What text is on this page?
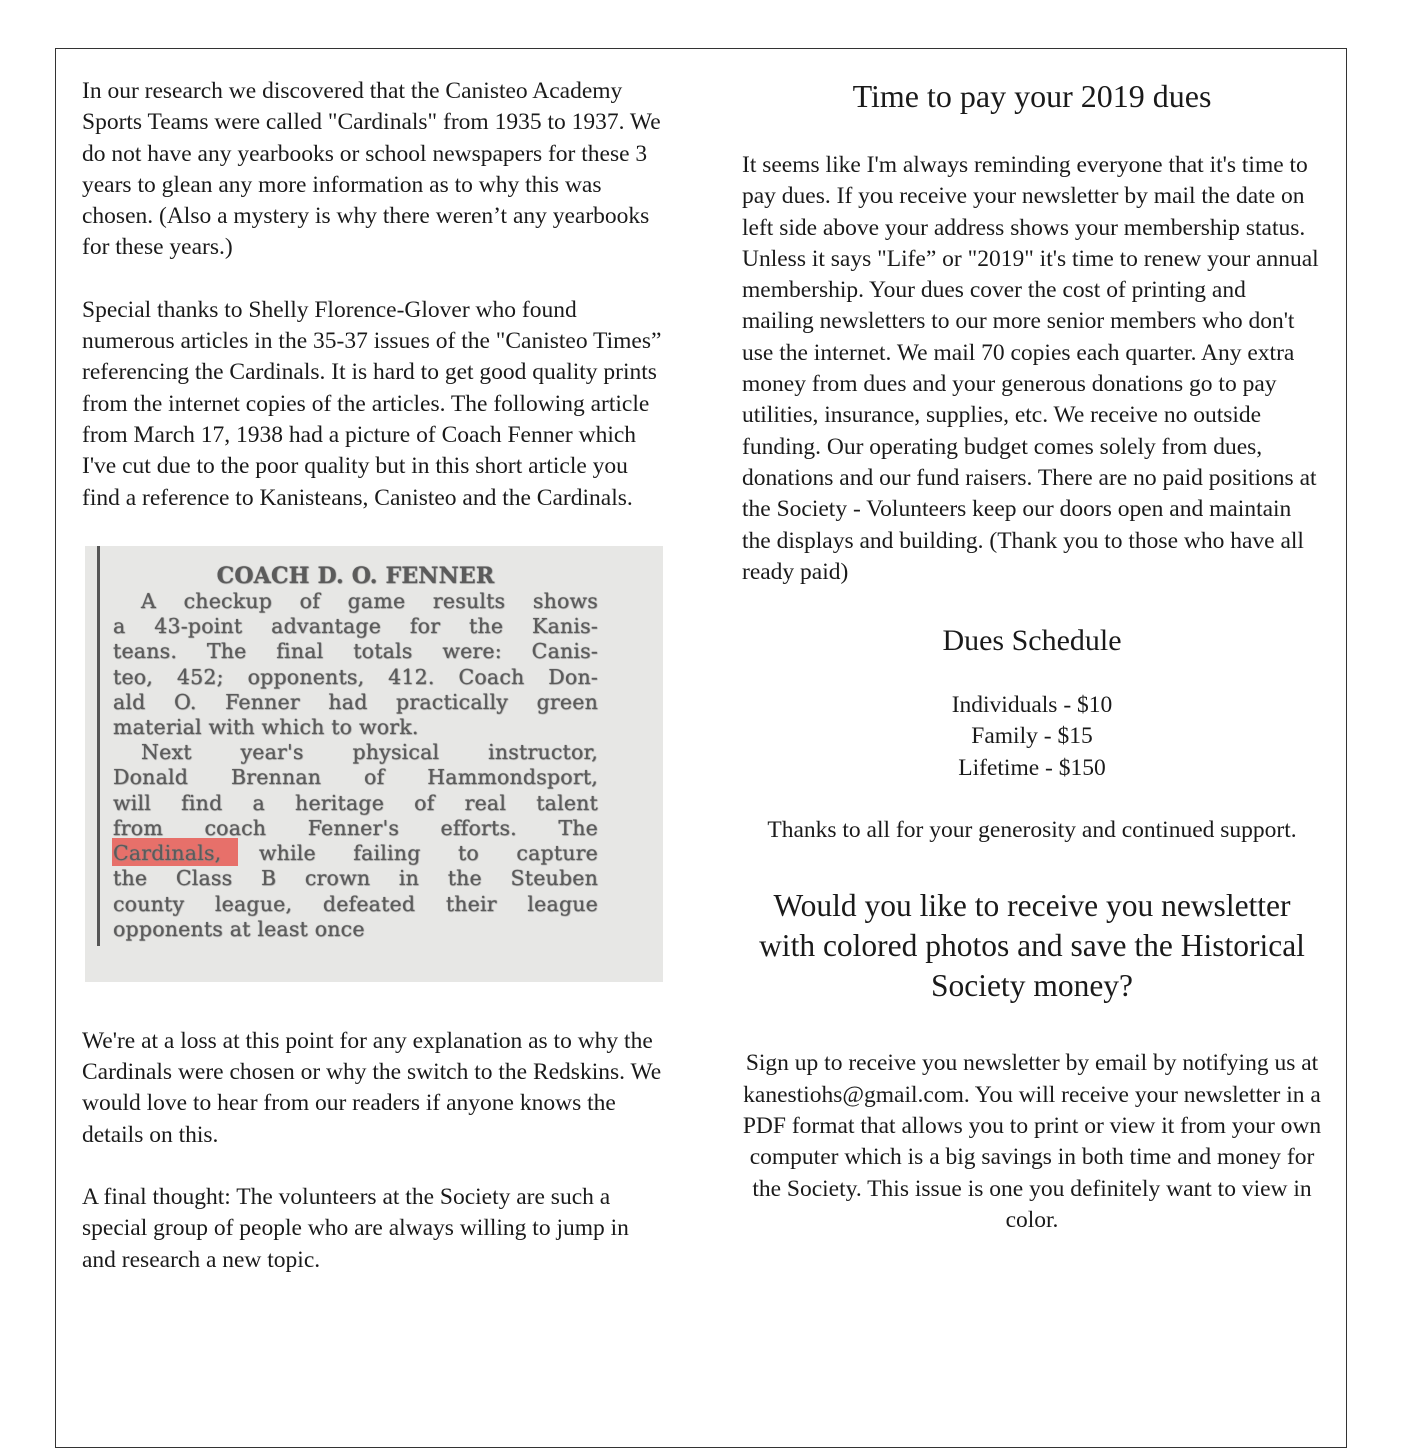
In our research we discovered that the Canisteo Academy Sports Teams were called "Cardinals" from 1935 to 1937. We do not have any yearbooks or school newspapers for these 3 years to glean any more information as to why this was chosen. (Also a mystery is why there weren’t any yearbooks for these years.)

Special thanks to Shelly Florence-Glover who found numerous articles in the 35-37 issues of the "Canisteo Times” referencing the Cardinals. It is hard to get good quality prints from the internet copies of the articles. The following article from March 17, 1938 had a picture of Coach Fenner which I've cut due to the poor quality but in this short article you find a reference to Kanisteans, Canisteo and the Cardinals.

COACH D. O. FENNER
A checkup of game results shows
a 43-point advantage for the Kanis-
teans. The final totals were: Canis-
teo, 452; opponents, 412. Coach Don-
ald O. Fenner had practically green
material with which to work.
Next year's physical instructor,
Donald Brennan of Hammondsport,
will find a heritage of real talent
from coach Fenner's efforts. The
Cardinals, while failing to capture
the Class B crown in the Steuben
county league, defeated their league
opponents at least once

We're at a loss at this point for any explanation as to why the Cardinals were chosen or why the switch to the Redskins. We would love to hear from our readers if anyone knows the details on this.

A final thought: The volunteers at the Society are such a special group of people who are always willing to jump in and research a new topic.

Time to pay your 2019 dues

It seems like I'm always reminding everyone that it's time to pay dues. If you receive your newsletter by mail the date on left side above your address shows your membership status. Unless it says "Life” or "2019" it's time to renew your annual membership. Your dues cover the cost of printing and mailing newsletters to our more senior members who don't use the internet. We mail 70 copies each quarter. Any extra money from dues and your generous donations go to pay utilities, insurance, supplies, etc. We receive no outside funding. Our operating budget comes solely from dues, donations and our fund raisers. There are no paid positions at the Society - Volunteers keep our doors open and maintain the displays and building. (Thank you to those who have all ready paid)

Dues Schedule
Individuals - $10
Family - $15
Lifetime - $150

Thanks to all for your generosity and continued support.

Would you like to receive you newsletter with colored photos and save the Historical Society money?

Sign up to receive you newsletter by email by notifying us at kanestiohs@gmail.com. You will receive your newsletter in a PDF format that allows you to print or view it from your own computer which is a big savings in both time and money for the Society. This issue is one you definitely want to view in color.
